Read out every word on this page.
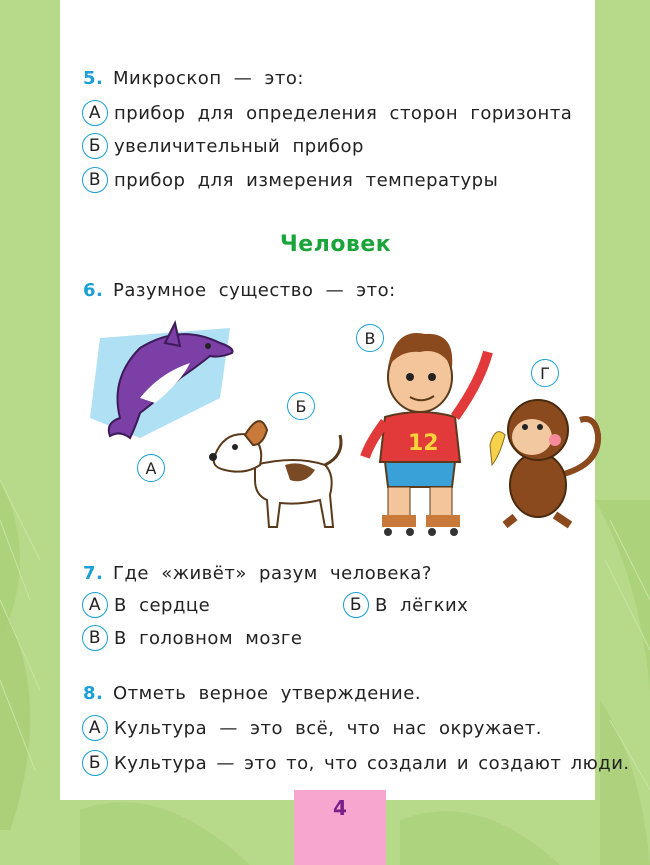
5. Микроскоп — это:
А прибор для определения сторон горизонта
Б увеличительный прибор
В прибор для измерения температуры
Человек
6. Разумное существо — это:
А
Б
12
В
Г
7. Где «живёт» разум человека?
А В сердце	Б В лёгких
В В головном мозге
8. Отметь верное утверждение.
А Культура — это всё, что нас окружает.
Б Культура — это то, что создали и создают люди.
4
